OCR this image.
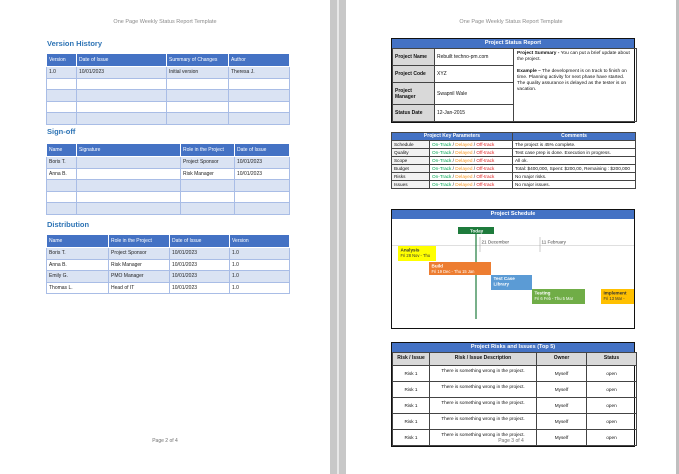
One Page Weekly Status Report Template
Version History
Version	Date of Issue	Summary of Changes	Author
1.0	10/01/2023	Initial version	Theresa J.

Sign-off
Name	Signature	Role in the Project	Date of Issue
Boris T.		Project Sponsor	10/01/2023
Anna B.		Risk Manager	10/01/2023

Distribution
Name	Role in the Project	Date of Issue	Version
Boris T.	Project Sponsor	10/01/2023	1.0
Anna B.	Risk Manager	10/01/2023	1.0
Emily G.	PMO Manager	10/01/2023	1.0
Thomas L.	Head of IT	10/01/2023	1.0
Page 2 of 4
One Page Weekly Status Report Template
Page 3 of 4
Project Status Report
Project Name	Rebuilt techno-pm.com	Project Summary - You can put a brief update about the project.

Example – The development is on track to finish on time. Planning activity for next phase have started. The quality assurance is delayed as the tester is on vacation.
Project Code	XYZ	
Project Manager	Swapnil Wale	
Status Date	12-Jan-2015	
Project Key Parameters		Comments
Schedule	On-Track / Delayed / Off-track	The project is 45% complete.
Quality	On-Track / Delayed / Off-track	Test case prep is done. Execution in progress.
Scope	On-Track / Delayed / Off-track	All ok.
Budget	On-Track / Delayed / Off-track	Total: $400,000, Spent: $200,00, Remaining : $200,000
Risks	On-Track / Delayed / Off-track	No major risks.
Issues	On-Track / Delayed / Off-track	No major issues.
Project Schedule
Today
21 December	11 February
Analysis
Fri 28 Nov - Thu
Build
Fri 19 Dec - Thu 15 Jan
Test Case Library
Testing
Fri 6 Feb - Thu 5 Mar
Implement
Fri 13 Mar -
Project Risks and Issues (Top 5)
Risk / Issue	Risk / Issue Description	Owner	Status
Risk 1	There is something wrong in the project.	Myself	open
Risk 1	There is something wrong in the project.	Myself	open
Risk 1	There is something wrong in the project.	Myself	open
Risk 1	There is something wrong in the project.	Myself	open
Risk 1	There is something wrong in the project.	Myself	open
